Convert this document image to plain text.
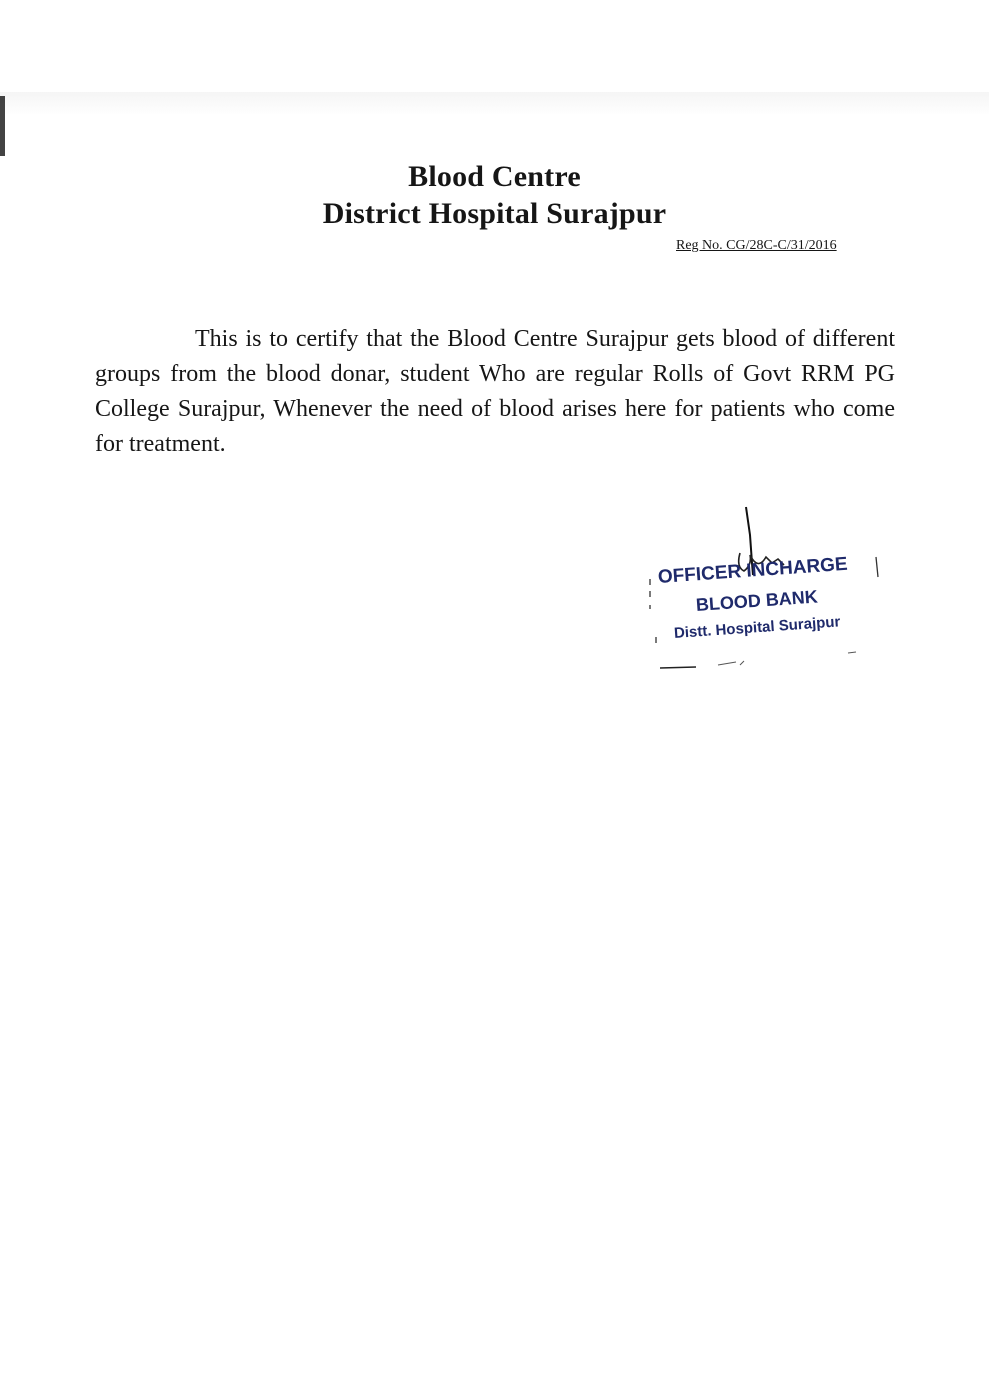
Blood Centre
District Hospital Surajpur
Reg No. CG/28C-C/31/2016
This is to certify that the Blood Centre Surajpur gets blood of different groups from the blood donar, student Who are regular Rolls of Govt RRM PG College Surajpur, Whenever the need of blood arises here for patients who come for treatment.
OFFICER INCHARGE
BLOOD BANK
Distt. Hospital Surajpur
